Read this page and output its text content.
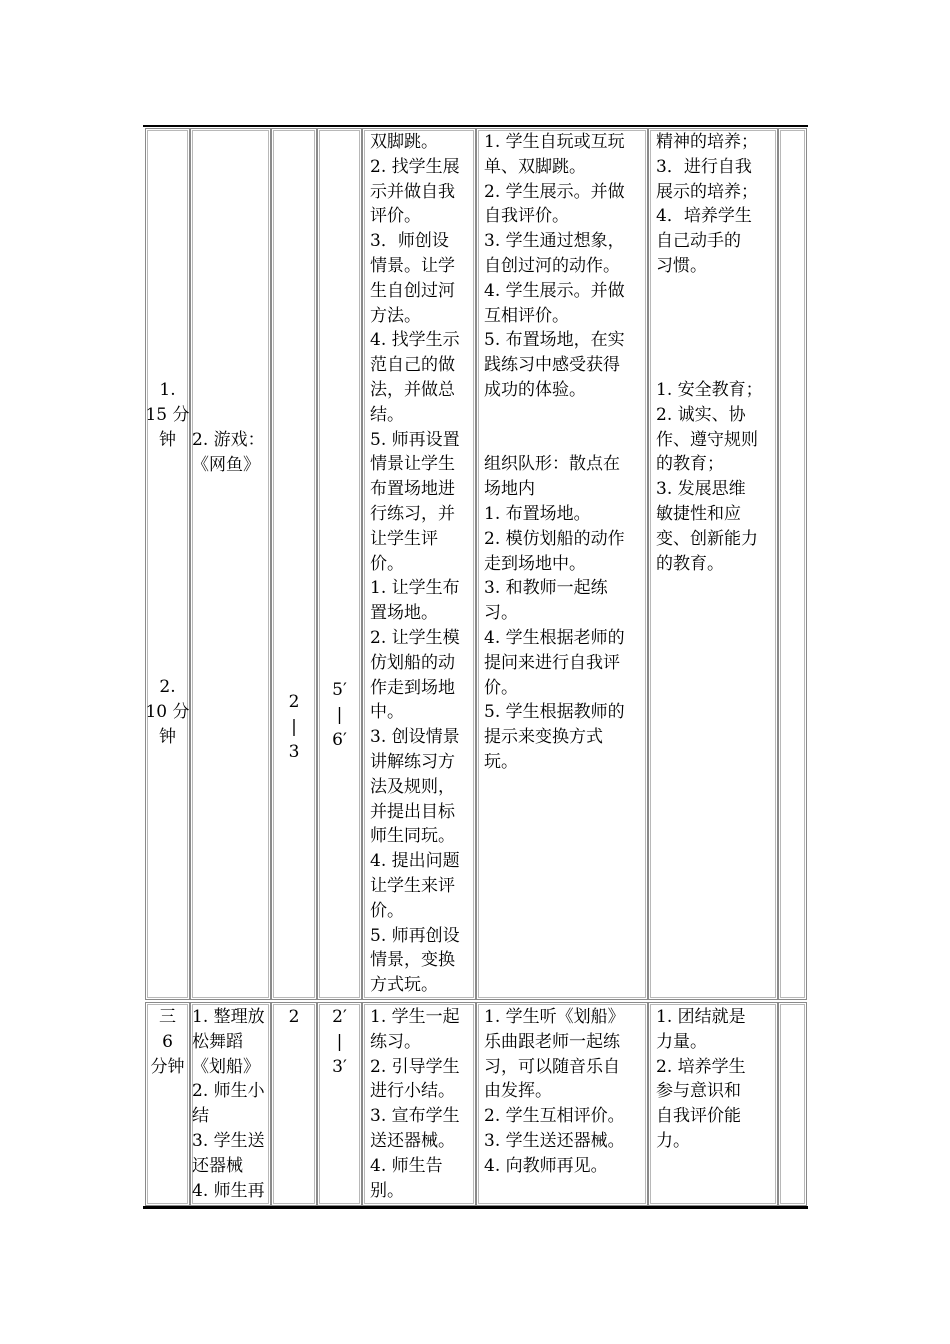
1.
15 分
钟
2.
10 分
钟
2. 游戏：
《网鱼》
2
|
3
5′
|
6′
双脚跳。
2. 找学生展
示并做自我
评价。
3．师创设
情景。让学
生自创过河
方法。
4. 找学生示
范自己的做
法，并做总
结。
5. 师再设置
情景让学生
布置场地进
行练习，并
让学生评
价。
1. 让学生布
置场地。
2. 让学生模
仿划船的动
作走到场地
中。
3. 创设情景
讲解练习方
法及规则，
并提出目标
师生同玩。
4. 提出问题
让学生来评
价。
5. 师再创设
情景，变换
方式玩。
1. 学生自玩或互玩
单、双脚跳。
2. 学生展示。并做
自我评价。
3. 学生通过想象，
自创过河的动作。
4. 学生展示。并做
互相评价。
5. 布置场地，在实
践练习中感受获得
成功的体验。

组织队形：散点在
场地内
1. 布置场地。
2. 模仿划船的动作
走到场地中。
3. 和教师一起练
习。
4. 学生根据老师的
提问来进行自我评
价。
5. 学生根据教师的
提示来变换方式
玩。
精神的培养；
3．进行自我
展示的培养；
4．培养学生
自己动手的
习惯。
1. 安全教育；
2. 诚实、协
作、遵守规则
的教育；
3. 发展思维
敏捷性和应
变、创新能力
的教育。
三
6
分钟
1. 整理放
松舞蹈
《划船》
2. 师生小
结
3. 学生送
还器械
4. 师生再
2	2′
|
3′
1. 学生一起
练习。
2. 引导学生
进行小结。
3. 宣布学生
送还器械。
4. 师生告
别。
1. 学生听《划船》
乐曲跟老师一起练
习，可以随音乐自
由发挥。
2. 学生互相评价。
3. 学生送还器械。
4. 向教师再见。
1. 团结就是
力量。
2. 培养学生
参与意识和
自我评价能
力。
